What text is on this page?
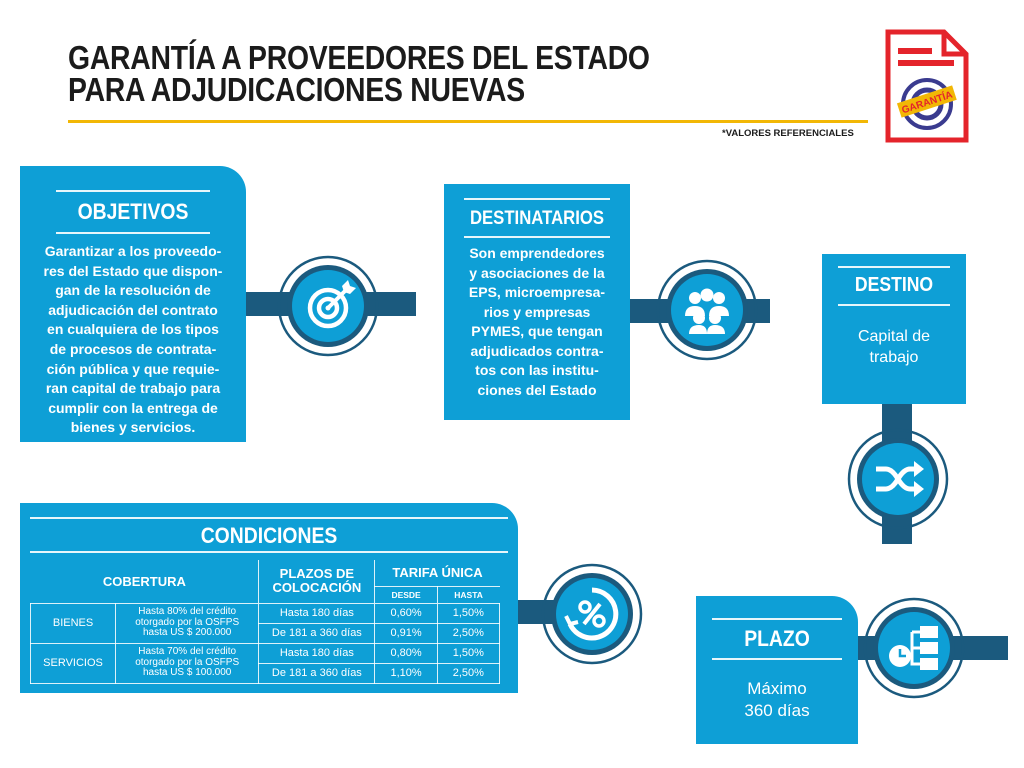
GARANTÍA A PROVEEDORES DEL ESTADO
PARA ADJUDICACIONES NUEVAS
*VALORES REFERENCIALES
GARANTÍA
OBJETIVOS
Garantizar a los proveedo-
res del Estado que dispon-
gan de la resolución de
adjudicación del contrato
en cualquiera de los tipos
de procesos de contrata-
ción pública y que requie-
ran capital de trabajo para
cumplir con la entrega de
bienes y servicios.
DESTINATARIOS
Son emprendedores
y asociaciones de la
EPS, microempresa-
rios y empresas
PYMES, que tengan
adjudicados contra-
tos con las institu-
ciones del Estado
DESTINO
Capital de
trabajo
CONDICIONES
COBERTURA		PLAZOS DE
COLOCACIÓN	TARIFA ÚNICA	
			DESDE	HASTA
BIENES	Hasta 80% del crédito
otorgado por la OSFPS
hasta US $ 200.000	Hasta 180 días	0,60%	1,50%
		De 181 a 360 días	0,91%	2,50%
SERVICIOS	Hasta 70% del crédito
otorgado por la OSFPS
hasta US $ 100.000	Hasta 180 días	0,80%	1,50%
		De 181 a 360 días	1,10%	2,50%
PLAZO
Máximo
360 días
